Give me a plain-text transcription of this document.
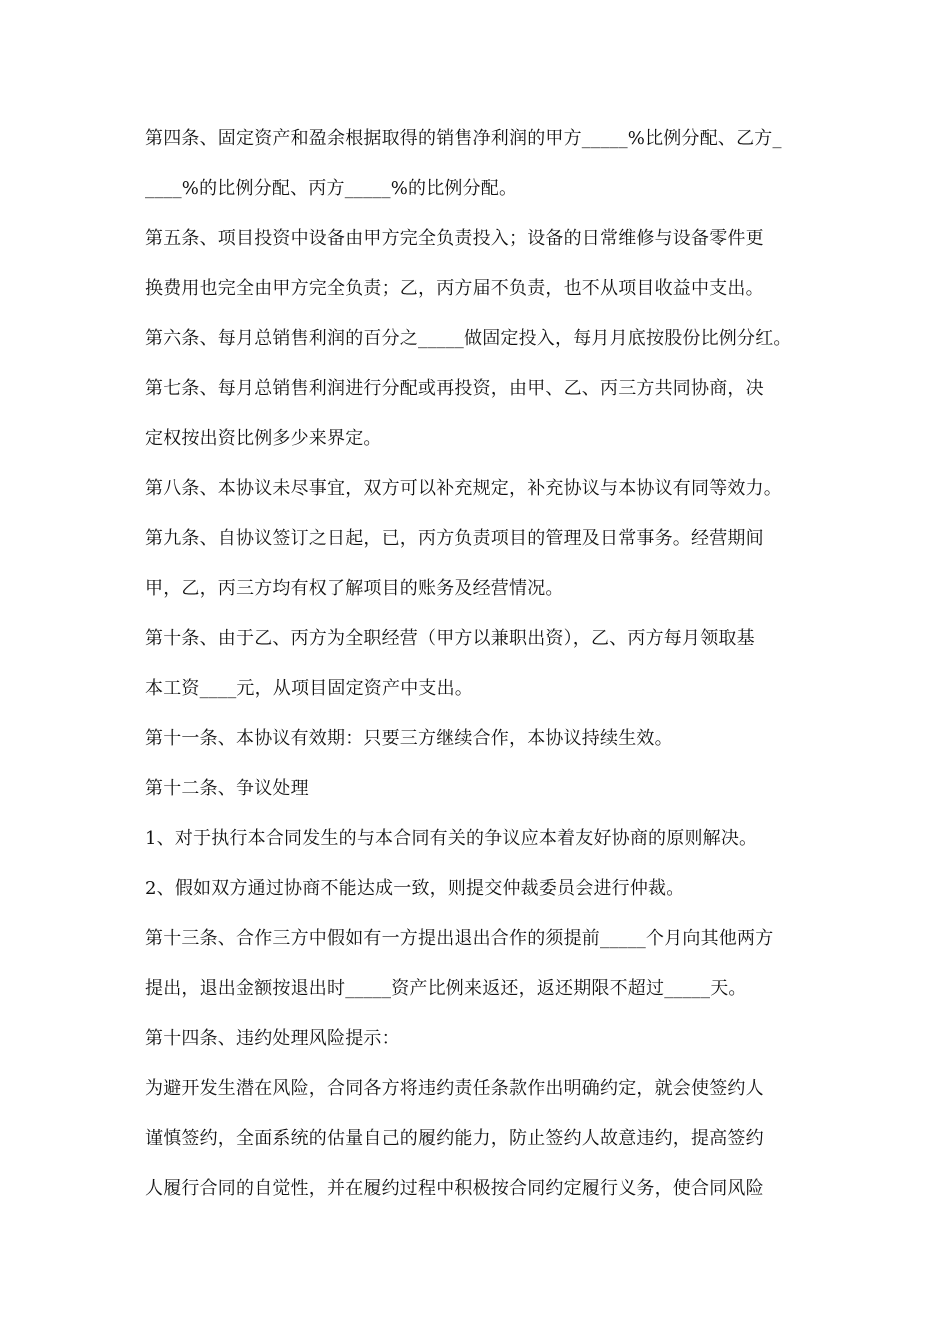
第四条、固定资产和盈余根据取得的销售净利润的甲方_____%比例分配、乙方_
____%的比例分配、丙方_____%的比例分配。
第五条、项目投资中设备由甲方完全负责投入；设备的日常维修与设备零件更
换费用也完全由甲方完全负责；乙，丙方届不负责，也不从项目收益中支出。
第六条、每月总销售利润的百分之_____做固定投入，每月月底按股份比例分红。
第七条、每月总销售利润进行分配或再投资，由甲、乙、丙三方共同协商，决
定权按出资比例多少来界定。
第八条、本协议未尽事宜，双方可以补充规定，补充协议与本协议有同等效力。
第九条、自协议签订之日起，已，丙方负责项目的管理及日常事务。经营期间
甲，乙，丙三方均有权了解项目的账务及经营情况。
第十条、由于乙、丙方为全职经营（甲方以兼职出资），乙、丙方每月领取基
本工资____元，从项目固定资产中支出。
第十一条、本协议有效期：只要三方继续合作，本协议持续生效。
第十二条、争议处理
1、对于执行本合同发生的与本合同有关的争议应本着友好协商的原则解决。
2、假如双方通过协商不能达成一致，则提交仲裁委员会进行仲裁。
第十三条、合作三方中假如有一方提出退出合作的须提前_____个月向其他两方
提出，退出金额按退出时_____资产比例来返还，返还期限不超过_____天。
第十四条、违约处理风险提示：
为避开发生潜在风险，合同各方将违约责任条款作出明确约定，就会使签约人
谨慎签约，全面系统的估量自己的履约能力，防止签约人故意违约，提高签约
人履行合同的自觉性，并在履约过程中积极按合同约定履行义务，使合同风险
